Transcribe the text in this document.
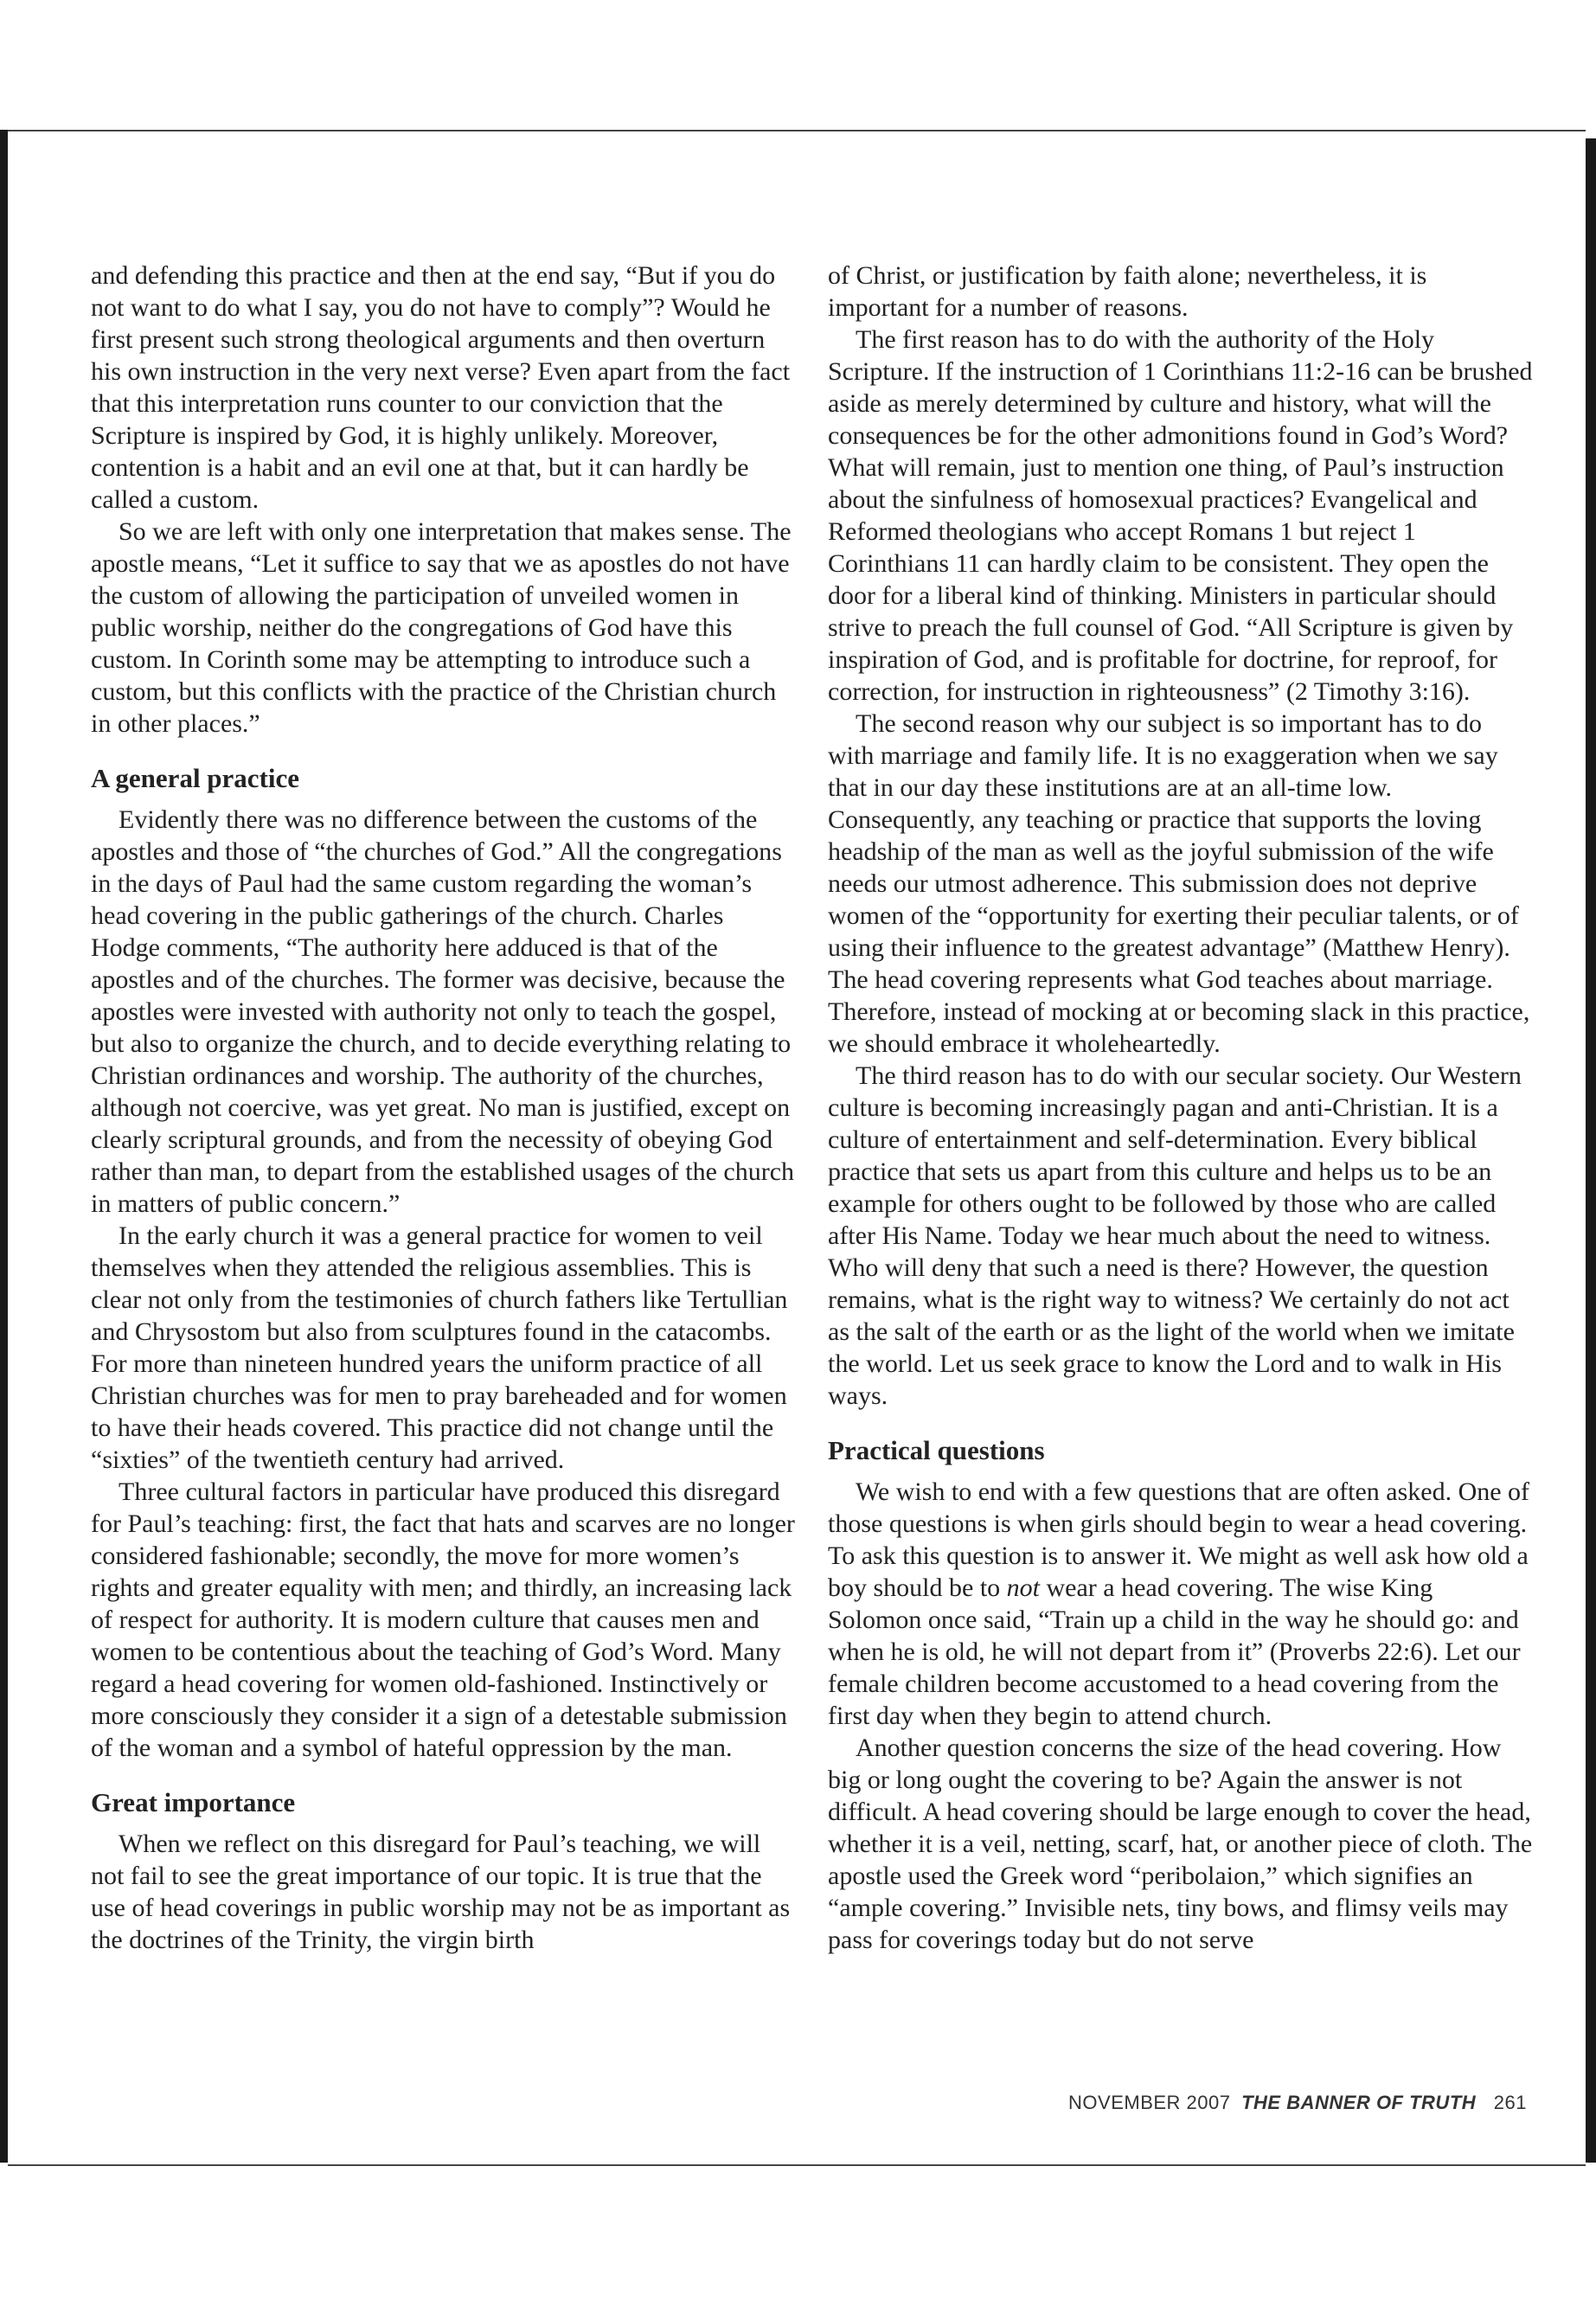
and defending this practice and then at the end say, “But if you do not want to do what I say, you do not have to comply”? Would he first present such strong theological arguments and then overturn his own instruction in the very next verse? Even apart from the fact that this interpretation runs counter to our conviction that the Scripture is inspired by God, it is highly unlikely. Moreover, contention is a habit and an evil one at that, but it can hardly be called a custom.

So we are left with only one interpretation that makes sense. The apostle means, “Let it suffice to say that we as apostles do not have the custom of allowing the participation of unveiled women in public worship, neither do the congregations of God have this custom. In Corinth some may be attempting to introduce such a custom, but this conflicts with the practice of the Christian church in other places.”

A general practice

Evidently there was no difference between the customs of the apostles and those of “the churches of God.” All the congregations in the days of Paul had the same custom regarding the woman’s head covering in the public gatherings of the church. Charles Hodge comments, “The authority here adduced is that of the apostles and of the churches. The former was decisive, because the apostles were invested with authority not only to teach the gospel, but also to organize the church, and to decide everything relating to Christian ordinances and worship. The authority of the churches, although not coercive, was yet great. No man is justified, except on clearly scriptural grounds, and from the necessity of obeying God rather than man, to depart from the established usages of the church in matters of public concern.”

In the early church it was a general practice for women to veil themselves when they attended the religious assemblies. This is clear not only from the testimonies of church fathers like Tertullian and Chrysostom but also from sculptures found in the catacombs. For more than nineteen hundred years the uniform practice of all Christian churches was for men to pray bareheaded and for women to have their heads covered. This practice did not change until the “sixties” of the twentieth century had arrived.

Three cultural factors in particular have produced this disregard for Paul’s teaching: first, the fact that hats and scarves are no longer considered fashionable; secondly, the move for more women’s rights and greater equality with men; and thirdly, an increasing lack of respect for authority. It is modern culture that causes men and women to be contentious about the teaching of God’s Word. Many regard a head covering for women old-fashioned. Instinctively or more consciously they consider it a sign of a detestable submission of the woman and a symbol of hateful oppression by the man.

Great importance

When we reflect on this disregard for Paul’s teaching, we will not fail to see the great importance of our topic. It is true that the use of head coverings in public worship may not be as important as the doctrines of the Trinity, the virgin birth

of Christ, or justification by faith alone; nevertheless, it is important for a number of reasons.

The first reason has to do with the authority of the Holy Scripture. If the instruction of 1 Corinthians 11:2-16 can be brushed aside as merely determined by culture and history, what will the consequences be for the other admonitions found in God’s Word? What will remain, just to mention one thing, of Paul’s instruction about the sinfulness of homosexual practices? Evangelical and Reformed theologians who accept Romans 1 but reject 1 Corinthians 11 can hardly claim to be consistent. They open the door for a liberal kind of thinking. Ministers in particular should strive to preach the full counsel of God. “All Scripture is given by inspiration of God, and is profitable for doctrine, for reproof, for correction, for instruction in righteousness” (2 Timothy 3:16).

The second reason why our subject is so important has to do with marriage and family life. It is no exaggeration when we say that in our day these institutions are at an all-time low. Consequently, any teaching or practice that supports the loving headship of the man as well as the joyful submission of the wife needs our utmost adherence. This submission does not deprive women of the “opportunity for exerting their peculiar talents, or of using their influence to the greatest advantage” (Matthew Henry). The head covering represents what God teaches about marriage. Therefore, instead of mocking at or becoming slack in this practice, we should embrace it wholeheartedly.

The third reason has to do with our secular society. Our Western culture is becoming increasingly pagan and anti-Christian. It is a culture of entertainment and self-determination. Every biblical practice that sets us apart from this culture and helps us to be an example for others ought to be followed by those who are called after His Name. Today we hear much about the need to witness. Who will deny that such a need is there? However, the question remains, what is the right way to witness? We certainly do not act as the salt of the earth or as the light of the world when we imitate the world. Let us seek grace to know the Lord and to walk in His ways.

Practical questions

We wish to end with a few questions that are often asked. One of those questions is when girls should begin to wear a head covering. To ask this question is to answer it. We might as well ask how old a boy should be to not wear a head covering. The wise King Solomon once said, “Train up a child in the way he should go: and when he is old, he will not depart from it” (Proverbs 22:6). Let our female children become accustomed to a head covering from the first day when they begin to attend church.

Another question concerns the size of the head covering. How big or long ought the covering to be? Again the answer is not difficult. A head covering should be large enough to cover the head, whether it is a veil, netting, scarf, hat, or another piece of cloth. The apostle used the Greek word “peribolaion,” which signifies an “ample covering.” Invisible nets, tiny bows, and flimsy veils may pass for coverings today but do not serve

NOVEMBER 2007 THE BANNER OF TRUTH 261
